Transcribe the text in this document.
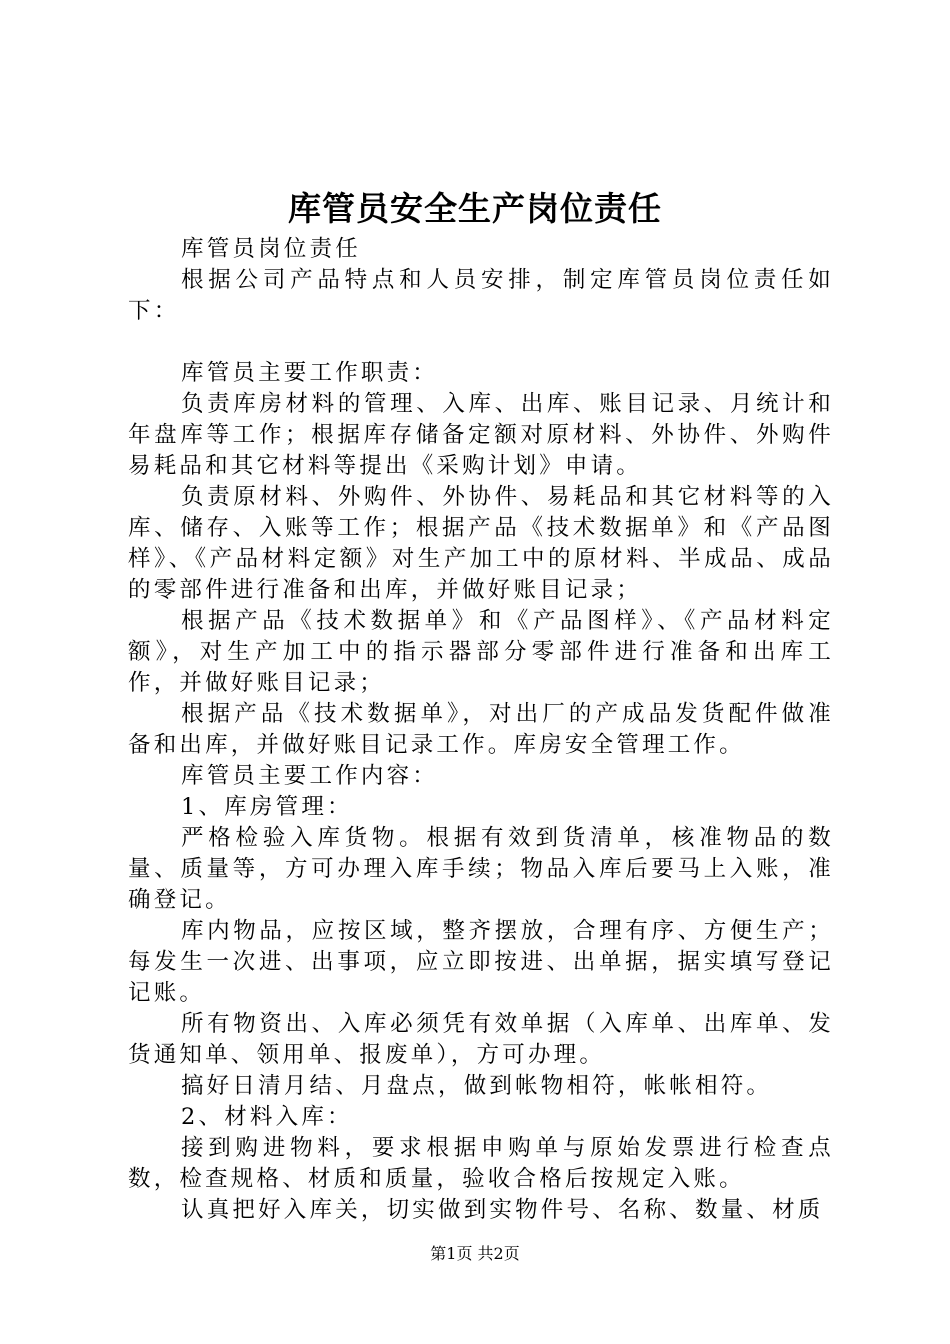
库管员安全生产岗位责任

库管员岗位责任

根据公司产品特点和人员安排，制定库管员岗位责任如下：

库管员主要工作职责：

负责库房材料的管理、入库、出库、账目记录、月统计和年盘库等工作；根据库存储备定额对原材料、外协件、外购件易耗品和其它材料等提出《采购计划》申请。

负责原材料、外购件、外协件、易耗品和其它材料等的入库、储存、入账等工作；根据产品《技术数据单》和《产品图样》、《产品材料定额》对生产加工中的原材料、半成品、成品的零部件进行准备和出库，并做好账目记录；

根据产品《技术数据单》和《产品图样》、《产品材料定额》，对生产加工中的指示器部分零部件进行准备和出库工作，并做好账目记录；

根据产品《技术数据单》，对出厂的产成品发货配件做准备和出库，并做好账目记录工作。库房安全管理工作。

库管员主要工作内容：

1、库房管理：

严格检验入库货物。根据有效到货清单，核准物品的数量、质量等，方可办理入库手续；物品入库后要马上入账，准确登记。

库内物品，应按区域，整齐摆放，合理有序、方便生产；每发生一次进、出事项，应立即按进、出单据，据实填写登记记账。

所有物资出、入库必须凭有效单据（入库单、出库单、发货通知单、领用单、报废单），方可办理。

搞好日清月结、月盘点，做到帐物相符，帐帐相符。

2、材料入库：

接到购进物料，要求根据申购单与原始发票进行检查点数，检查规格、材质和质量，验收合格后按规定入账。

认真把好入库关，切实做到实物件号、名称、数量、材质

第1页 共2页
